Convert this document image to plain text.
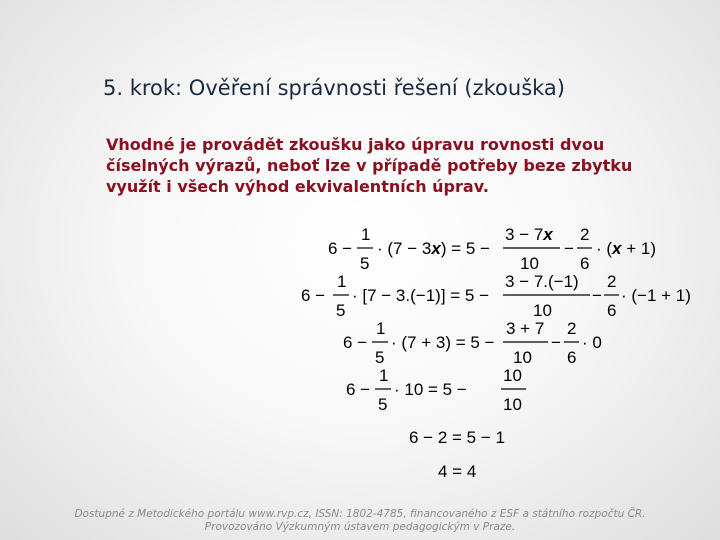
5. krok: Ověření správnosti řešení (zkouška)
Vhodné je provádět zkoušku jako úpravu rovnosti dvou
číselných výrazů, neboť lze v případě potřeby beze zbytku
využít i všech výhod ekvivalentních úprav.
6 −
1
5
· (7 − 3x) = 5 −
3 − 7x
10
−
2
6
· (x + 1)
6 −
1
5
· [7 − 3.(−1)] = 5 −
3 − 7.(−1)
10
−
2
6
· (−1 + 1)
6 −
1
5
· (7 + 3) = 5 −
3 + 7
10
−
2
6
· 0
6 −
1
5
· 10 = 5 −
10
10
6 − 2 = 5 − 1
4 = 4
Dostupné z Metodického portálu www.rvp.cz, ISSN: 1802-4785, financovaného z ESF a státního rozpočtu ČR.
Provozováno Výzkumným ústavem pedagogickým v Praze.
